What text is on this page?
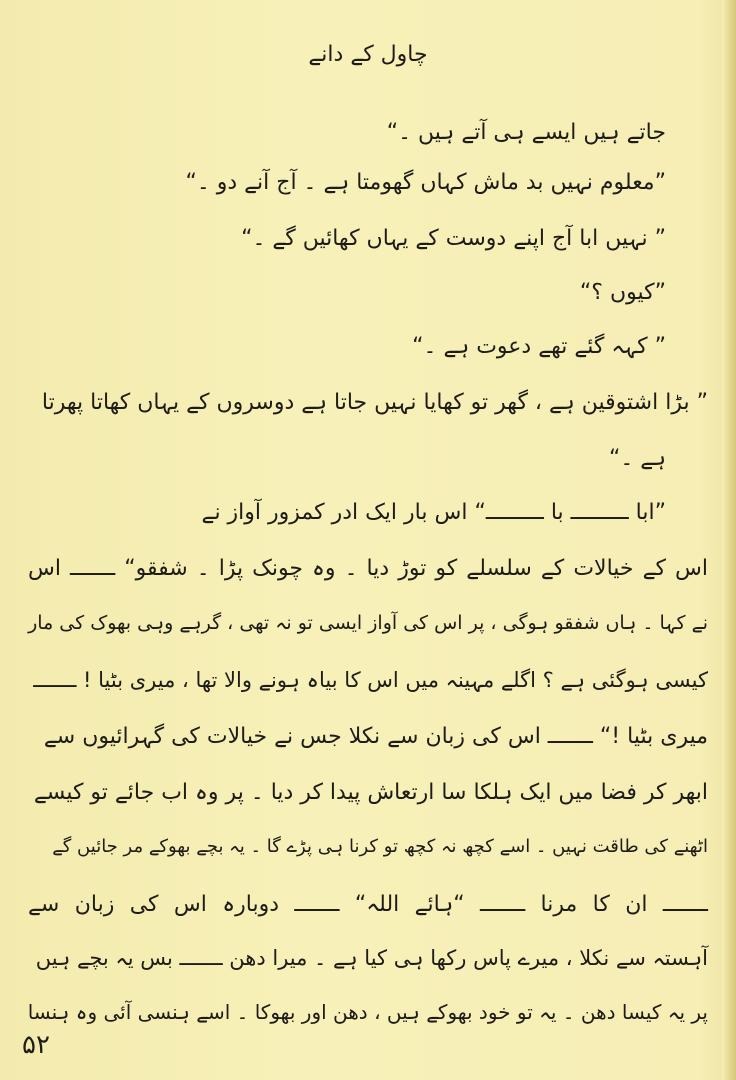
چاول کے دانے
جاتے ہیں ایسے ہی آتے ہیں ۔“
”معلوم نہیں بد ماش کہاں گھومتا ہے ۔ آج آنے دو ۔“
” نہیں ابا آج اپنے دوست کے یہاں کھائیں گے ۔“
”کیوں ؟“
” کہہ گئے تھے دعوت ہے ۔“
” بڑا اشتوقین ہے ، گھر تو کھایا نہیں جاتا ہے دوسروں کے یہاں کھاتا پھرتا
ہے ۔“
”ابا ـــــــــ با ـــــــــ“ اس بار ایک ادر کمزور آواز نے
اس کے خیالات کے سلسلے کو توڑ دیا ۔ وہ چونک پڑا ۔ شفقو“ ـــــــ اس
نے کہا ۔ ہاں شفقو ہوگی ، پر اس کی آواز ایسی تو نہ تھی ، گرہے وہی بھوک کی مار
کیسی ہوگئی ہے ؟ اگلے مہینہ میں اس کا بیاہ ہونے والا تھا ، میری بٹیا ! ـــــــ
میری بٹیا !“ ـــــــ اس کی زبان سے نکلا جس نے خیالات کی گہرائیوں سے
ابھر کر فضا میں ایک ہلکا سا ارتعاش پیدا کر دیا ۔ پر وہ اب جائے تو کیسے
اٹھنے کی طاقت نہیں ۔ اسے کچھ نہ کچھ تو کرنا ہی پڑے گا ۔ یہ بچے بھوکے مر جائیں گے
ـــــــ ان کا مرنا ـــــــ “ہائے اللہ“ ـــــــ دوبارہ اس کی زبان سے
آہستہ سے نکلا ، میرے پاس رکھا ہی کیا ہے ۔ میرا دھن ـــــــ بس یہ بچے ہیں
پر یہ کیسا دھن ۔ یہ تو خود بھوکے ہیں ، دھن اور بھوکا ۔ اسے ہنسی آئی وہ ہنسا
۵۲
